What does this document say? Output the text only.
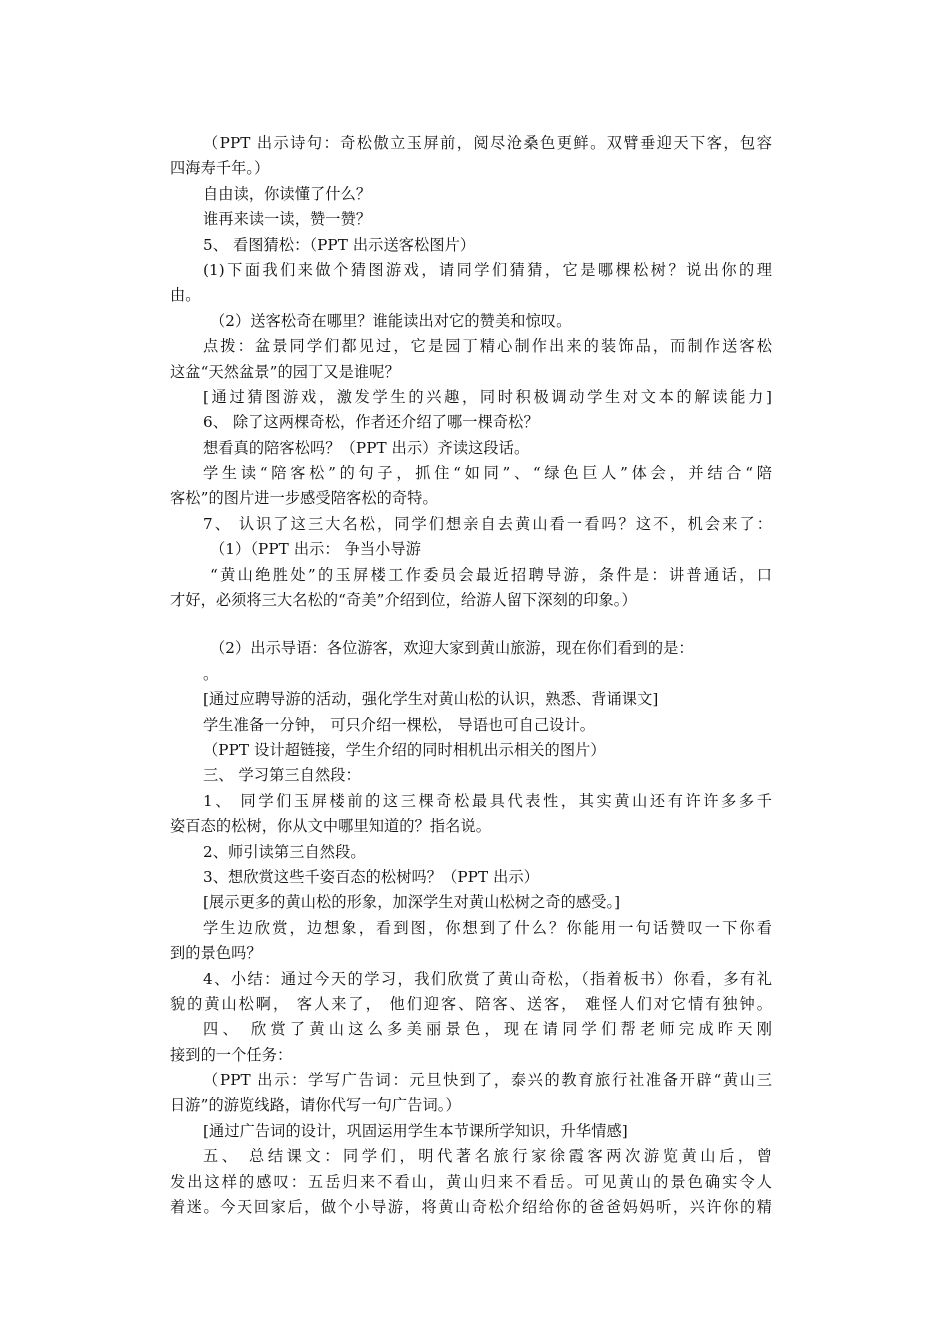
（PPT 出示诗句：奇松傲立玉屏前，阅尽沧桑色更鲜。双臂垂迎天下客，包容
四海寿千年。）
自由读，你读懂了什么？
谁再来读一读，赞一赞？
5、 看图猜松：（PPT 出示送客松图片）
(1)下面我们来做个猜图游戏，请同学们猜猜，它是哪棵松树？说出你的理
由。
（2）送客松奇在哪里？谁能读出对它的赞美和惊叹。
点拨：盆景同学们都见过，它是园丁精心制作出来的装饰品，而制作送客松
这盆“天然盆景”的园丁又是谁呢？
[通过猜图游戏，激发学生的兴趣，同时积极调动学生对文本的解读能力]
6、 除了这两棵奇松，作者还介绍了哪一棵奇松？
想看真的陪客松吗？（PPT 出示）齐读这段话。
学生读“陪客松”的句子，抓住“如同”、“绿色巨人”体会，并结合“陪
客松”的图片进一步感受陪客松的奇特。
7、 认识了这三大名松，同学们想亲自去黄山看一看吗？这不，机会来了：
（1）（PPT 出示： 争当小导游
“黄山绝胜处”的玉屏楼工作委员会最近招聘导游，条件是：讲普通话，口
才好，必须将三大名松的“奇美”介绍到位，给游人留下深刻的印象。）
（2）出示导语：各位游客，欢迎大家到黄山旅游，现在你们看到的是：
。
[通过应聘导游的活动，强化学生对黄山松的认识，熟悉、背诵课文]
学生准备一分钟， 可只介绍一棵松， 导语也可自己设计。
（PPT 设计超链接，学生介绍的同时相机出示相关的图片）
三、 学习第三自然段：
1、 同学们玉屏楼前的这三棵奇松最具代表性，其实黄山还有许许多多千
姿百态的松树，你从文中哪里知道的？指名说。
2、师引读第三自然段。
3、想欣赏这些千姿百态的松树吗？（PPT 出示）
[展示更多的黄山松的形象，加深学生对黄山松树之奇的感受。]
学生边欣赏，边想象，看到图，你想到了什么？你能用一句话赞叹一下你看
到的景色吗？
4、小结：通过今天的学习，我们欣赏了黄山奇松，（指着板书）你看，多有礼
貌的黄山松啊， 客人来了， 他们迎客、陪客、送客， 难怪人们对它情有独钟。
四、 欣赏了黄山这么多美丽景色，现在请同学们帮老师完成昨天刚
接到的一个任务：
（PPT 出示：学写广告词：元旦快到了，泰兴的教育旅行社准备开辟“黄山三
日游”的游览线路，请你代写一句广告词。）
[通过广告词的设计，巩固运用学生本节课所学知识，升华情感]
五、 总结课文：同学们，明代著名旅行家徐霞客两次游览黄山后，曾
发出这样的感叹：五岳归来不看山，黄山归来不看岳。可见黄山的景色确实令人
着迷。今天回家后，做个小导游，将黄山奇松介绍给你的爸爸妈妈听，兴许你的精
